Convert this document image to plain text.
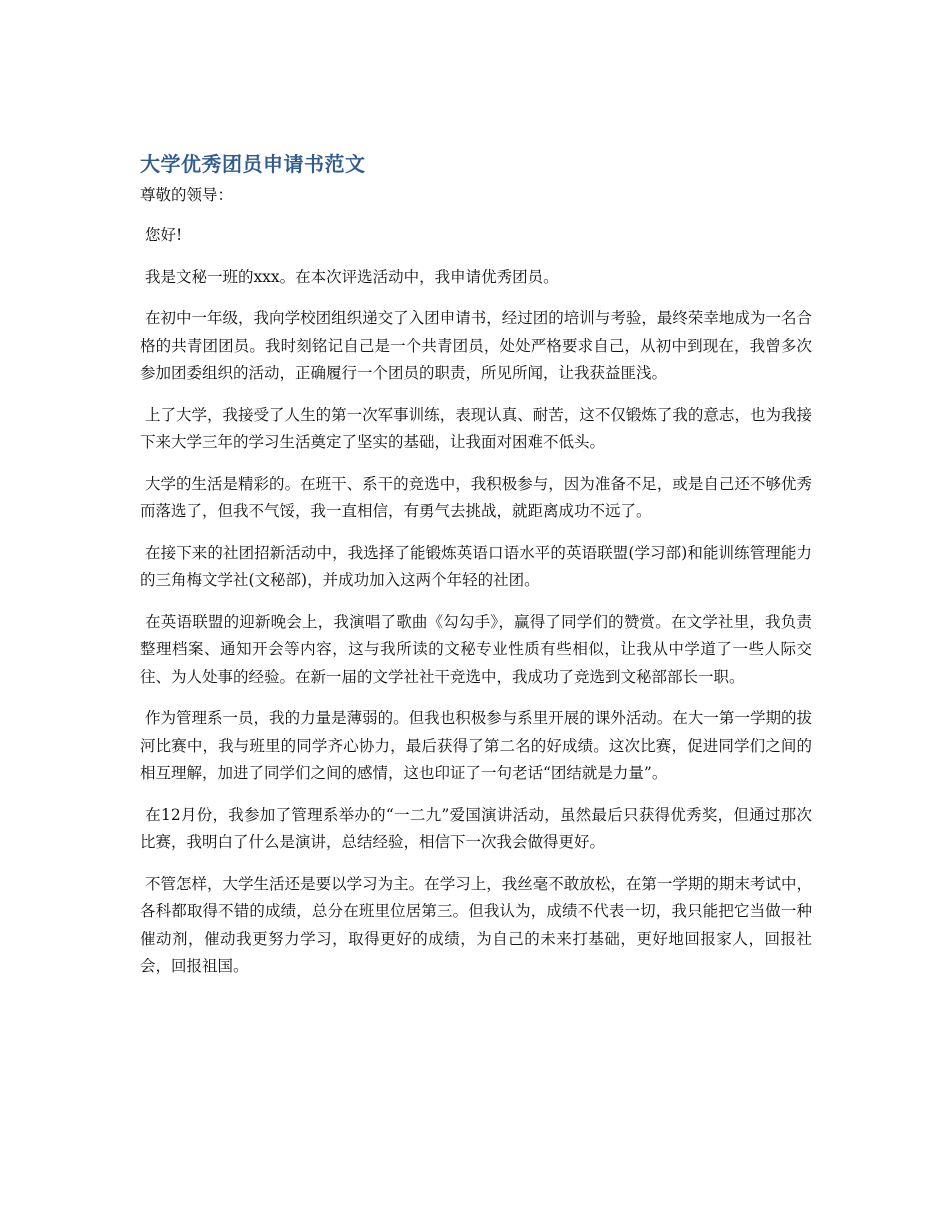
大学优秀团员申请书范文

尊敬的领导：

您好!

我是文秘一班的xxx。在本次评选活动中，我申请优秀团员。

在初中一年级，我向学校团组织递交了入团申请书，经过团的培训与考验，最终荣幸地成为一名合格的共青团团员。我时刻铭记自己是一个共青团员，处处严格要求自己，从初中到现在，我曾多次参加团委组织的活动，正确履行一个团员的职责，所见所闻，让我获益匪浅。

上了大学，我接受了人生的第一次军事训练，表现认真、耐苦，这不仅锻炼了我的意志，也为我接下来大学三年的学习生活奠定了坚实的基础，让我面对困难不低头。

大学的生活是精彩的。在班干、系干的竞选中，我积极参与，因为准备不足，或是自己还不够优秀而落选了，但我不气馁，我一直相信，有勇气去挑战，就距离成功不远了。

在接下来的社团招新活动中，我选择了能锻炼英语口语水平的英语联盟(学习部)和能训练管理能力的三角梅文学社(文秘部)，并成功加入这两个年轻的社团。

在英语联盟的迎新晚会上，我演唱了歌曲《勾勾手》，赢得了同学们的赞赏。在文学社里，我负责整理档案、通知开会等内容，这与我所读的文秘专业性质有些相似，让我从中学道了一些人际交往、为人处事的经验。在新一届的文学社社干竞选中，我成功了竞选到文秘部部长一职。

作为管理系一员，我的力量是薄弱的。但我也积极参与系里开展的课外活动。在大一第一学期的拔河比赛中，我与班里的同学齐心协力，最后获得了第二名的好成绩。这次比赛，促进同学们之间的相互理解，加进了同学们之间的感情，这也印证了一句老话“团结就是力量”。

在12月份，我参加了管理系举办的“一二九”爱国演讲活动，虽然最后只获得优秀奖，但通过那次比赛，我明白了什么是演讲，总结经验，相信下一次我会做得更好。

不管怎样，大学生活还是要以学习为主。在学习上，我丝毫不敢放松，在第一学期的期末考试中，各科都取得不错的成绩，总分在班里位居第三。但我认为，成绩不代表一切，我只能把它当做一种催动剂，催动我更努力学习，取得更好的成绩，为自己的未来打基础，更好地回报家人，回报社会，回报祖国。
